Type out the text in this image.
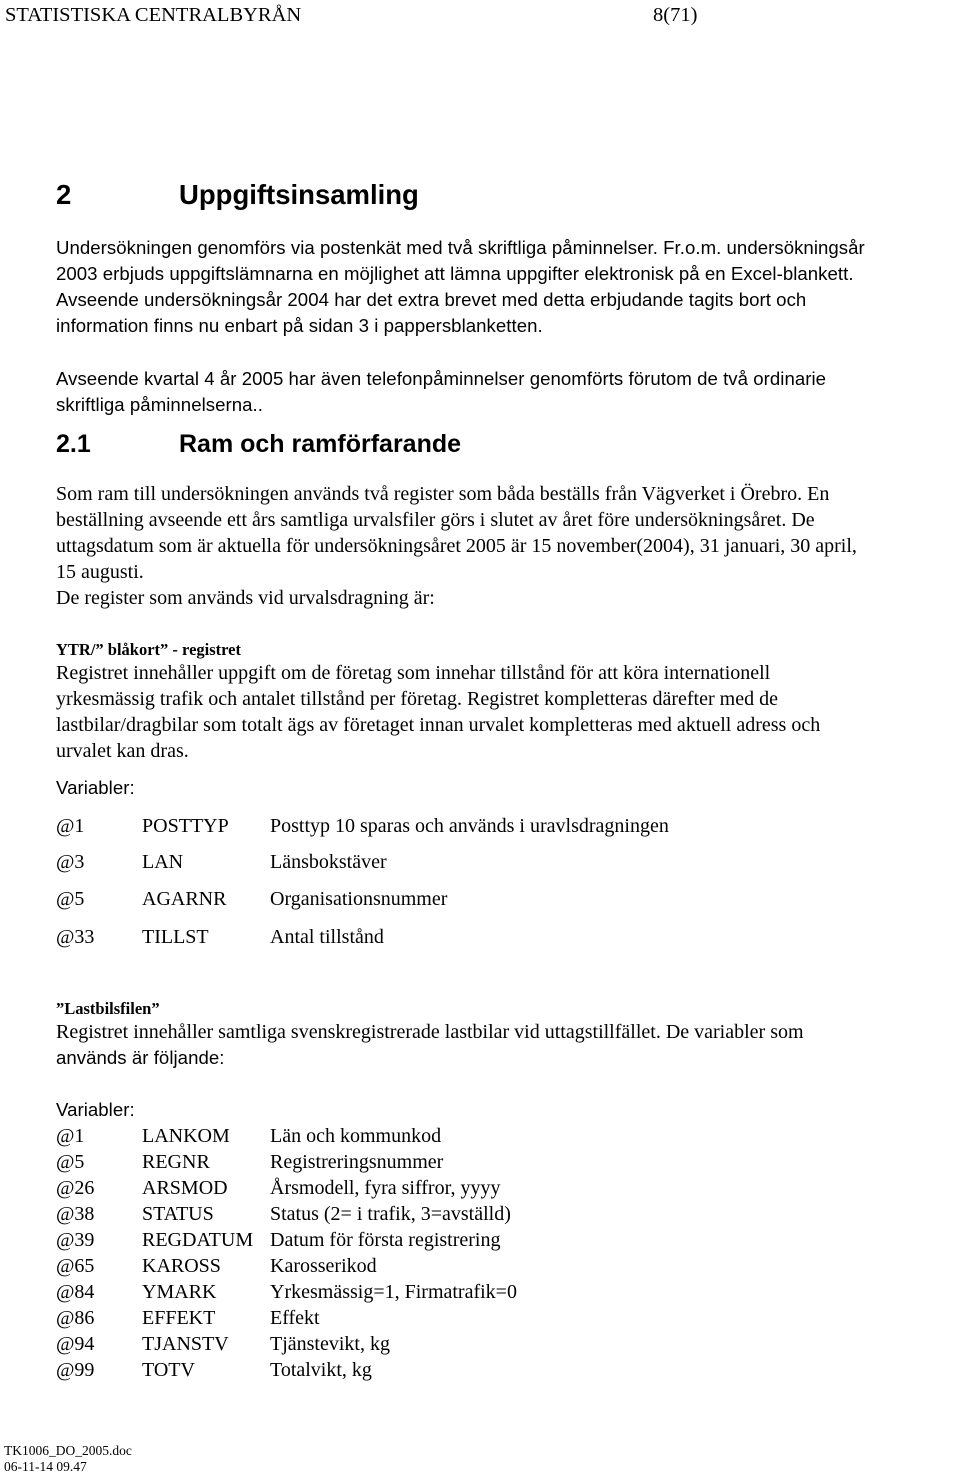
STATISTISKA CENTRALBYRÅN	8(71)
2	Uppgiftsinsamling
Undersökningen genomförs via postenkät med två skriftliga påminnelser. Fr.o.m. undersökningsår
2003 erbjuds uppgiftslämnarna en möjlighet att lämna uppgifter elektronisk på en Excel-blankett.
Avseende undersökningsår 2004 har det extra brevet med detta erbjudande tagits bort och
information finns nu enbart på sidan 3 i pappersblanketten.
Avseende kvartal 4 år 2005 har även telefonpåminnelser genomförts förutom de två ordinarie
skriftliga påminnelserna..
2.1	Ram och ramförfarande
Som ram till undersökningen används två register som båda beställs från Vägverket i Örebro. En
beställning avseende ett års samtliga urvalsfiler görs i slutet av året före undersökningsåret. De
uttagsdatum som är aktuella för undersökningsåret 2005 är 15 november(2004), 31 januari, 30 april,
15 augusti.
De register som används vid urvalsdragning är:
YTR/” blåkort” - registret
Registret innehåller uppgift om de företag som innehar tillstånd för att köra internationell
yrkesmässig trafik och antalet tillstånd per företag. Registret kompletteras därefter med de
lastbilar/dragbilar som totalt ägs av företaget innan urvalet kompletteras med aktuell adress och
urvalet kan dras.
Variabler:
@1	POSTTYP Posttyp 10 sparas och används i uravlsdragningen
@3	LAN	Länsbokstäver
@5	AGARNR Organisationsnummer
@33 TILLST	Antal tillstånd
”Lastbilsfilen”
Registret innehåller samtliga svenskregistrerade lastbilar vid uttagstillfället. De variabler som
används är följande:
Variabler:
@1	LANKOM Län och kommunkod
@5	REGNR	Registreringsnummer
@26 ARSMOD Årsmodell, fyra siffror, yyyy
@38 STATUS	Status (2= i trafik, 3=avställd)
@39 REGDATUM Datum för första registrering
@65 KAROSS Karosserikod
@84 YMARK	Yrkesmässig=1, Firmatrafik=0
@86 EFFEKT	Effekt
@94 TJANSTV Tjänstevikt, kg
@99 TOTV	Totalvikt, kg
TK1006_DO_2005.doc
06-11-14 09.47
